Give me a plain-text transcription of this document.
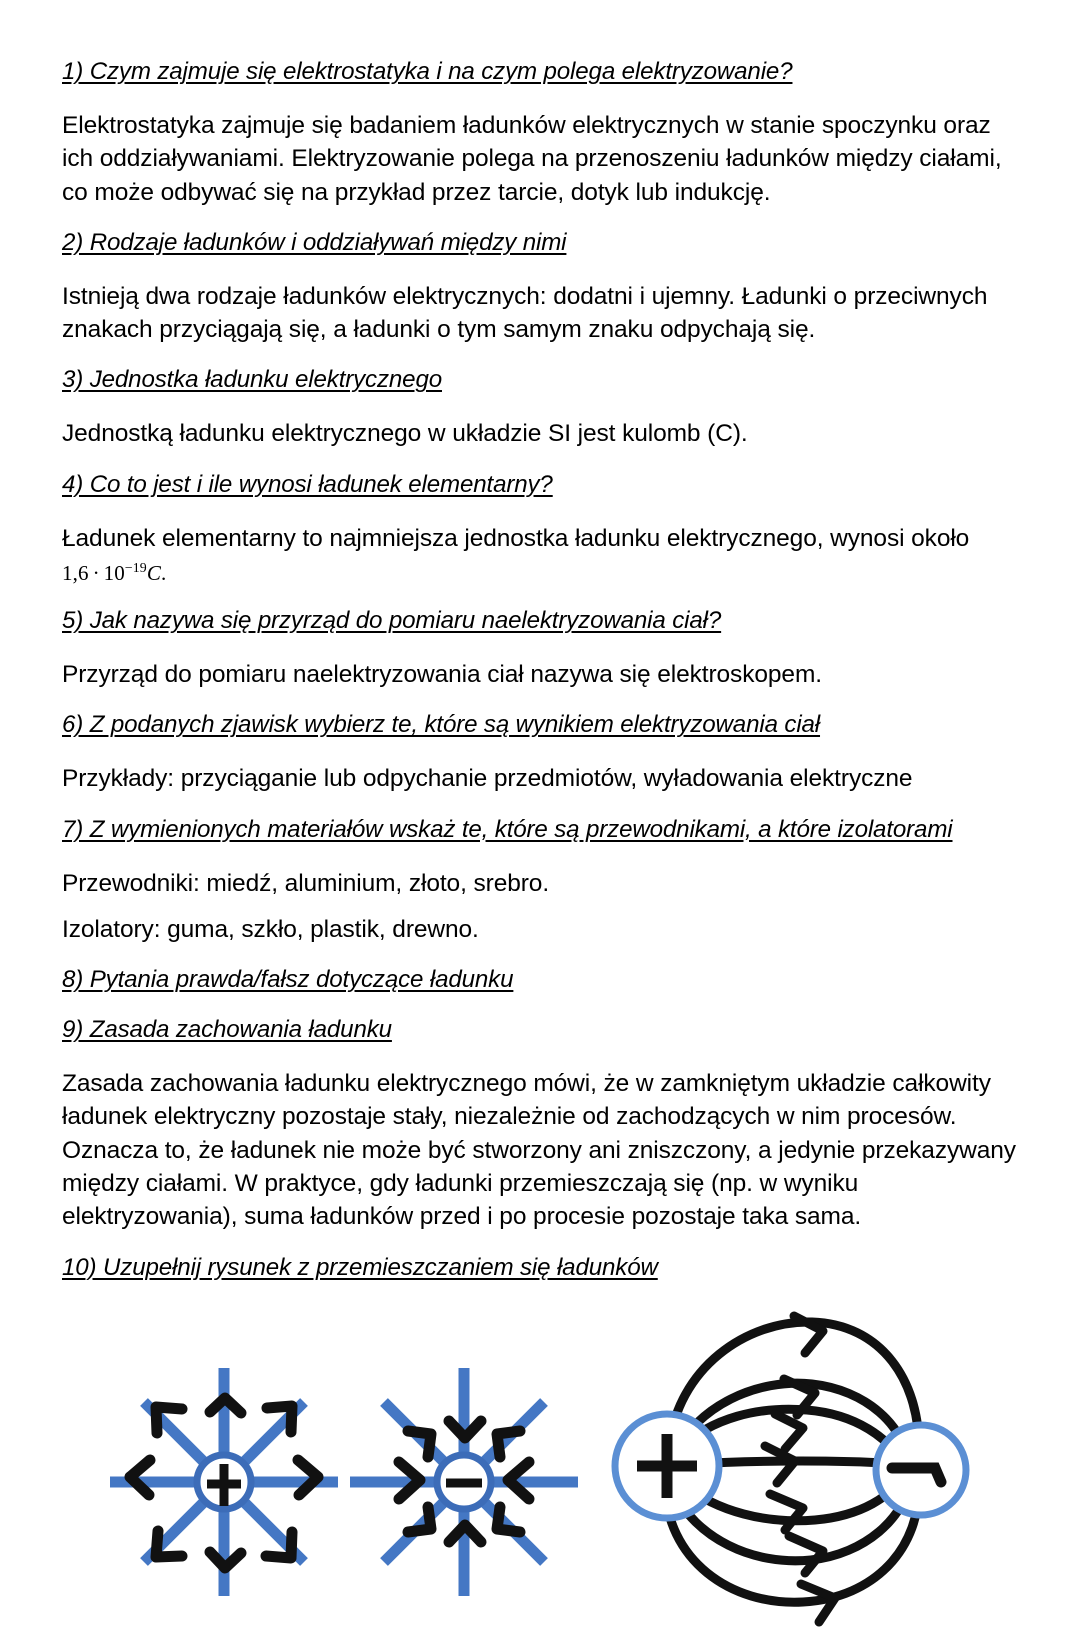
1) Czym zajmuje się elektrostatyka i na czym polega elektryzowanie?

Elektrostatyka zajmuje się badaniem ładunków elektrycznych w stanie spoczynku oraz ich oddziaływaniami. Elektryzowanie polega na przenoszeniu ładunków między ciałami, co może odbywać się na przykład przez tarcie, dotyk lub indukcję.

2) Rodzaje ładunków i oddziaływań między nimi

Istnieją dwa rodzaje ładunków elektrycznych: dodatni i ujemny. Ładunki o przeciwnych znakach przyciągają się, a ładunki o tym samym znaku odpychają się.

3) Jednostka ładunku elektrycznego

Jednostką ładunku elektrycznego w układzie SI jest kulomb (C).

4) Co to jest i ile wynosi ładunek elementarny?

Ładunek elementarny to najmniejsza jednostka ładunku elektrycznego, wynosi około

$1,6 \cdot 10^{-19}C$.
5) Jak nazywa się przyrząd do pomiaru naelektryzowania ciał?

Przyrząd do pomiaru naelektryzowania ciał nazywa się elektroskopem.

6) Z podanych zjawisk wybierz te, które są wynikiem elektryzowania ciał

Przykłady: przyciąganie lub odpychanie przedmiotów, wyładowania elektryczne

7) Z wymienionych materiałów wskaż te, które są przewodnikami, a które izolatorami

Przewodniki: miedź, aluminium, złoto, srebro.

Izolatory: guma, szkło, plastik, drewno.

8) Pytania prawda/fałsz dotyczące ładunku
9) Zasada zachowania ładunku

Zasada zachowania ładunku elektrycznego mówi, że w zamkniętym układzie całkowity ładunek elektryczny pozostaje stały, niezależnie od zachodzących w nim procesów. Oznacza to, że ładunek nie może być stworzony ani zniszczony, a jedynie przekazywany między ciałami. W praktyce, gdy ładunki przemieszczają się (np. w wyniku elektryzowania), suma ładunków przed i po procesie pozostaje taka sama.

10) Uzupełnij rysunek z przemieszczaniem się ładunków
